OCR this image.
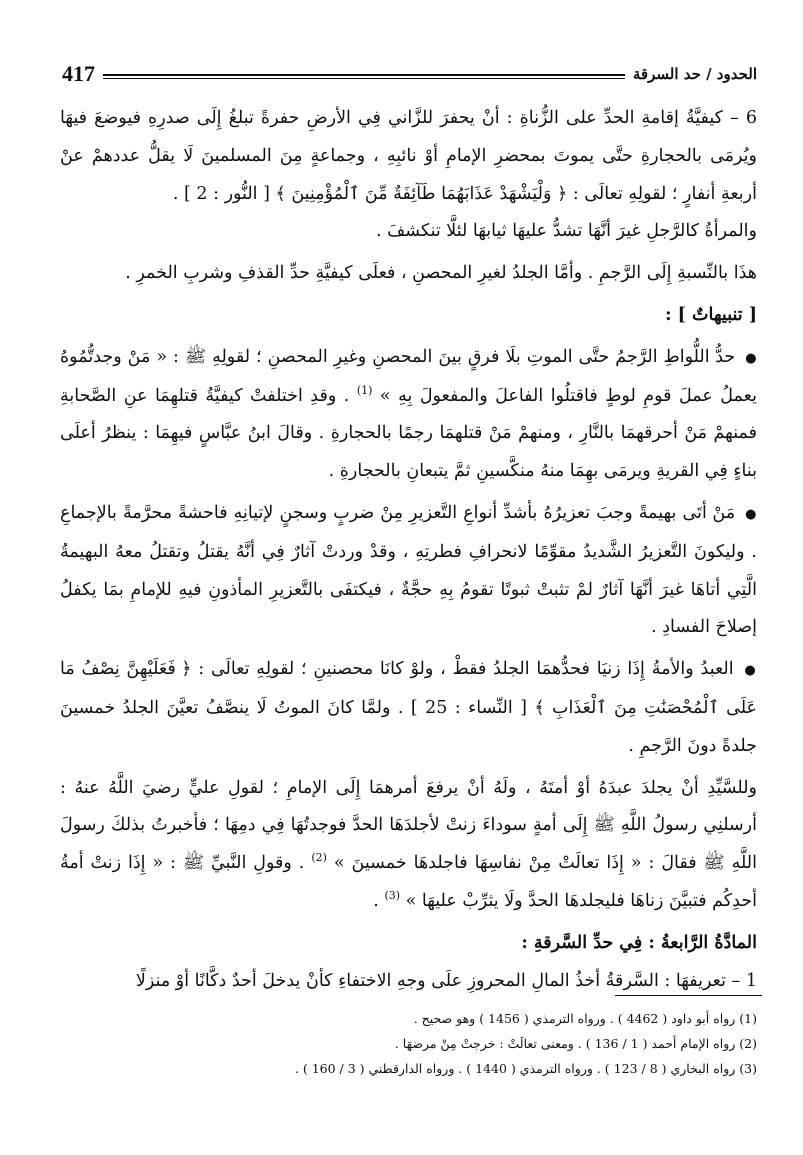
417	الحدود / حد السرقة

6 – كيفيَّةُ إقامةِ الحدِّ على الزُّناةِ : أنْ يحفرَ للزَّاني فِي الأرضِ حفرةً تبلغُ إِلَى صدرِهِ فيوضعَ فيهَا ويُرمَى بالحجارةِ حتَّى يموتَ بمحضرِ الإمامِ أوْ نائبِهِ ، وجماعةٍ مِنَ المسلمينَ لَا يقلُّ عددهمْ عنْ أربعةِ أنفارٍ ؛ لقولِهِ تعالَى : ﴿ وَلْيَشْهَدْ عَذَابَهُمَا طَآئِفَةٌ مِّنَ ٱلْمُؤْمِنِينَ ﴾ [ النُّور : 2 ] .

والمرأةُ كالرَّجلِ غيرَ أنَّهَا تشدُّ عليهَا ثيابهَا لئلَّا تنكشفَ .

هذَا بالنِّسبةِ إِلَى الرَّجمِ . وأمَّا الجلدُ لغيرِ المحصنِ ، فعلَى كيفيَّةِ حدِّ القذفِ وشربِ الخمرِ .

[ تنبيهاتٌ ] :

● حدُّ اللُّواطِ الرَّجمُ حتَّى الموتِ بلَا فرقٍ بينَ المحصنِ وغيرِ المحصنِ ؛ لقولِهِ ﷺ : « مَنْ وجدتُّمُوهُ يعملُ عملَ قومِ لوطٍ فاقتلُوا الفاعلَ والمفعولَ بِهِ » $^{(1)}$ . وقدِ اختلفتْ كيفيَّةُ قتلهِمَا عنِ الصَّحابةِ فمنهمْ مَنْ أحرقهمَا بالنَّارِ ، ومنهمْ مَنْ قتلهمَا رجمًا بالحجارةِ . وقالَ ابنُ عبَّاسٍ فيهِمَا : ينظرُ أعلَى بناءٍ فِي القريةِ ويرمَى بهِمَا منهُ منكَّسينِ ثمَّ يتبعانِ بالحجارةِ .

● مَنْ أتَى بهيمةً وجبَ تعزيرُهُ بأشدِّ أنواعِ التَّعزيرِ مِنْ ضربٍ وسجنٍ لإتيانِهِ فاحشةً محرَّمةً بالإجماعِ . وليكونَ التَّعزيرُ الشَّديدُ مقوِّمًا لانحرافِ فطرتِهِ ، وقدْ وردتْ آثارٌ فِي أنَّهُ يقتلُ وتقتلُ معهُ البهيمةُ الَّتِي أتاهَا غيرَ أنَّهَا آثارٌ لمْ تثبتْ ثبوتًا تقومُ بِهِ حجَّةٌ ، فيكتفَى بالتَّعزيرِ المأذونِ فيهِ للإمامِ بمَا يكفلُ إصلاحَ الفسادِ .

● العبدُ والأمةُ إِذَا زنيَا فحدُّهمَا الجلدُ فقطْ ، ولوْ كانَا محصنينِ ؛ لقولِهِ تعالَى : ﴿ فَعَلَيْهِنَّ نِصْفُ مَا عَلَى ٱلْمُحْصَنَٰتِ مِنَ ٱلْعَذَابِ ﴾ [ النِّساء : 25 ] . ولمَّا كانَ الموتُ لَا ينصَّفُ تعيَّنَ الجلدُ خمسينَ جلدةً دونَ الرَّجمِ .

وللسَّيِّدِ أنْ يجلدَ عبدَهُ أوْ أمتَهُ ، ولَهُ أنْ يرفعَ أمرهمَا إِلَى الإمامِ ؛ لقولِ عليٍّ رضيَ اللَّهُ عنهُ : أرسلنِي رسولُ اللَّهِ ﷺ إِلَى أمةٍ سوداءَ زنتْ لأجلدَهَا الحدَّ فوجدتُهَا فِي دمِهَا ؛ فأخبرتُ بذلكَ رسولَ اللَّهِ ﷺ فقالَ : « إِذَا تعالَتْ مِنْ نفاسِهَا فاجلدهَا خمسينَ » $^{(2)}$ . وقولِ النَّبيِّ ﷺ : « إِذَا زنتْ أمةُ أحدِكُم فتبيَّنَ زناهَا فليجلدهَا الحدَّ ولَا يثرِّبْ عليهَا » $^{(3)}$ .

المادَّةُ الرَّابعةُ : فِي حدِّ السَّرقةِ :

1 – تعريفهَا : السَّرقةُ أخذُ المالِ المحروزِ علَى وجهِ الاختفاءِ كأنْ يدخلَ أحدٌ دكَّانًا أوْ منزلًا

(1) رواه أبو داود ( 4462 ) . ورواه الترمذي ( 1456 ) وهو صحيح .

(2) رواه الإمام أحمد ( 1 / 136 ) . ومعنى تعالَتْ : خرجتْ مِنْ مرضهَا .

(3) رواه البخاري ( 8 / 123 ) . ورواه الترمذي ( 1440 ) . ورواه الدارقطني ( 3 / 160 ) .
